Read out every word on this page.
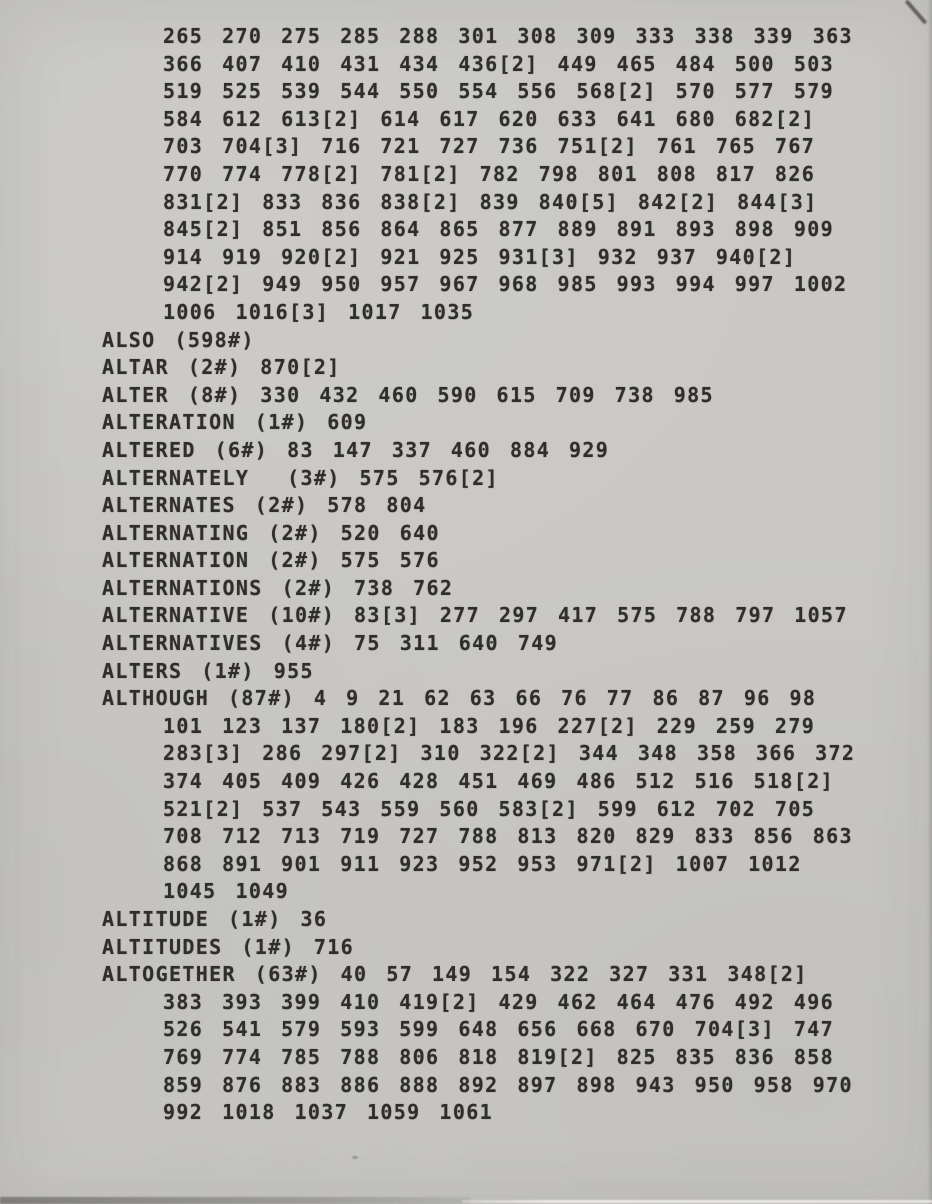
265 270 275 285 288 301 308 309 333 338 339 363
366 407 410 431 434 436[2] 449 465 484 500 503
519 525 539 544 550 554 556 568[2] 570 577 579
584 612 613[2] 614 617 620 633 641 680 682[2]
703 704[3] 716 721 727 736 751[2] 761 765 767
770 774 778[2] 781[2] 782 798 801 808 817 826
831[2] 833 836 838[2] 839 840[5] 842[2] 844[3]
845[2] 851 856 864 865 877 889 891 893 898 909
914 919 920[2] 921 925 931[3] 932 937 940[2]
942[2] 949 950 957 967 968 985 993 994 997 1002
1006 1016[3] 1017 1035
ALSO (598#)
ALTAR (2#) 870[2]
ALTER (8#) 330 432 460 590 615 709 738 985
ALTERATION (1#) 609
ALTERED (6#) 83 147 337 460 884 929
ALTERNATELY  (3#) 575 576[2]
ALTERNATES (2#) 578 804
ALTERNATING (2#) 520 640
ALTERNATION (2#) 575 576
ALTERNATIONS (2#) 738 762
ALTERNATIVE (10#) 83[3] 277 297 417 575 788 797 1057
ALTERNATIVES (4#) 75 311 640 749
ALTERS (1#) 955
ALTHOUGH (87#) 4 9 21 62 63 66 76 77 86 87 96 98
101 123 137 180[2] 183 196 227[2] 229 259 279
283[3] 286 297[2] 310 322[2] 344 348 358 366 372
374 405 409 426 428 451 469 486 512 516 518[2]
521[2] 537 543 559 560 583[2] 599 612 702 705
708 712 713 719 727 788 813 820 829 833 856 863
868 891 901 911 923 952 953 971[2] 1007 1012
1045 1049
ALTITUDE (1#) 36
ALTITUDES (1#) 716
ALTOGETHER (63#) 40 57 149 154 322 327 331 348[2]
383 393 399 410 419[2] 429 462 464 476 492 496
526 541 579 593 599 648 656 668 670 704[3] 747
769 774 785 788 806 818 819[2] 825 835 836 858
859 876 883 886 888 892 897 898 943 950 958 970
992 1018 1037 1059 1061
